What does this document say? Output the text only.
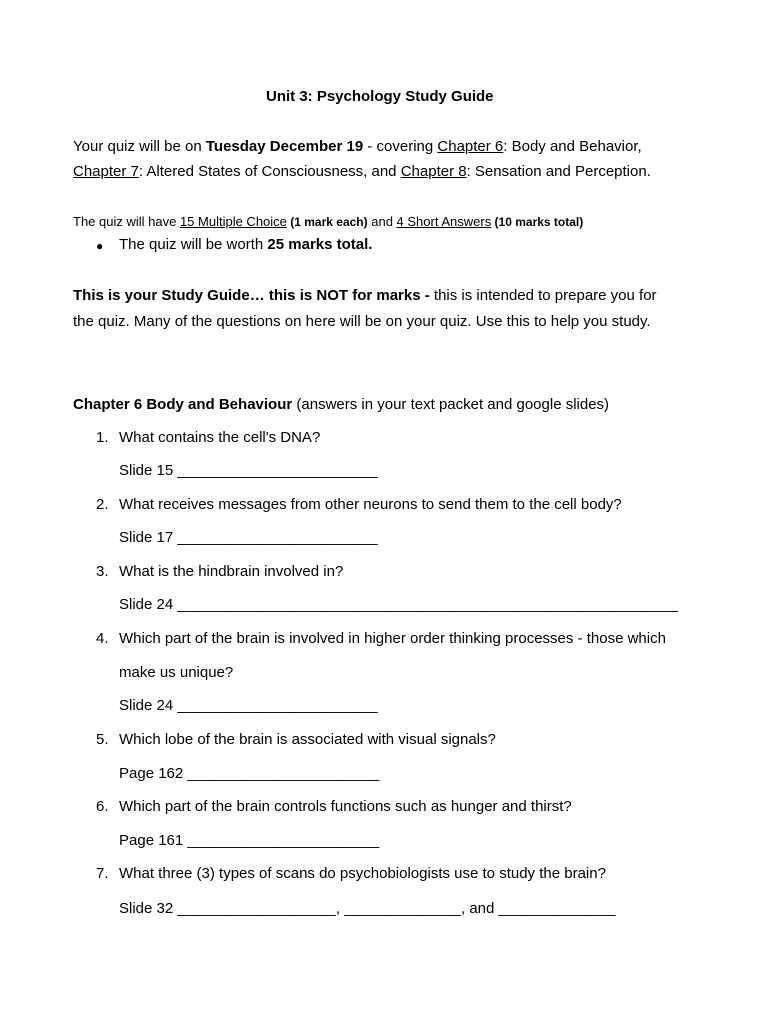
Unit 3: Psychology Study Guide
Your quiz will be on Tuesday December 19 - covering Chapter 6: Body and Behavior,
Chapter 7: Altered States of Consciousness, and Chapter 8: Sensation and Perception.
The quiz will have 15 Multiple Choice (1 mark each) and 4 Short Answers (10 marks total)
● The quiz will be worth 25 marks total.
This is your Study Guide… this is NOT for marks - this is intended to prepare you for
the quiz. Many of the questions on here will be on your quiz. Use this to help you study.
Chapter 6 Body and Behaviour (answers in your text packet and google slides)
1. What contains the cell's DNA?
Slide 15 ________________________
2. What receives messages from other neurons to send them to the cell body?
Slide 17 ________________________
3. What is the hindbrain involved in?
Slide 24 ____________________________________________________________
4. Which part of the brain is involved in higher order thinking processes - those which
make us unique?
Slide 24 ________________________
5. Which lobe of the brain is associated with visual signals?
Page 162 _______________________
6. Which part of the brain controls functions such as hunger and thirst?
Page 161 _______________________
7. What three (3) types of scans do psychobiologists use to study the brain?
Slide 32 ___________________, ______________, and ______________
